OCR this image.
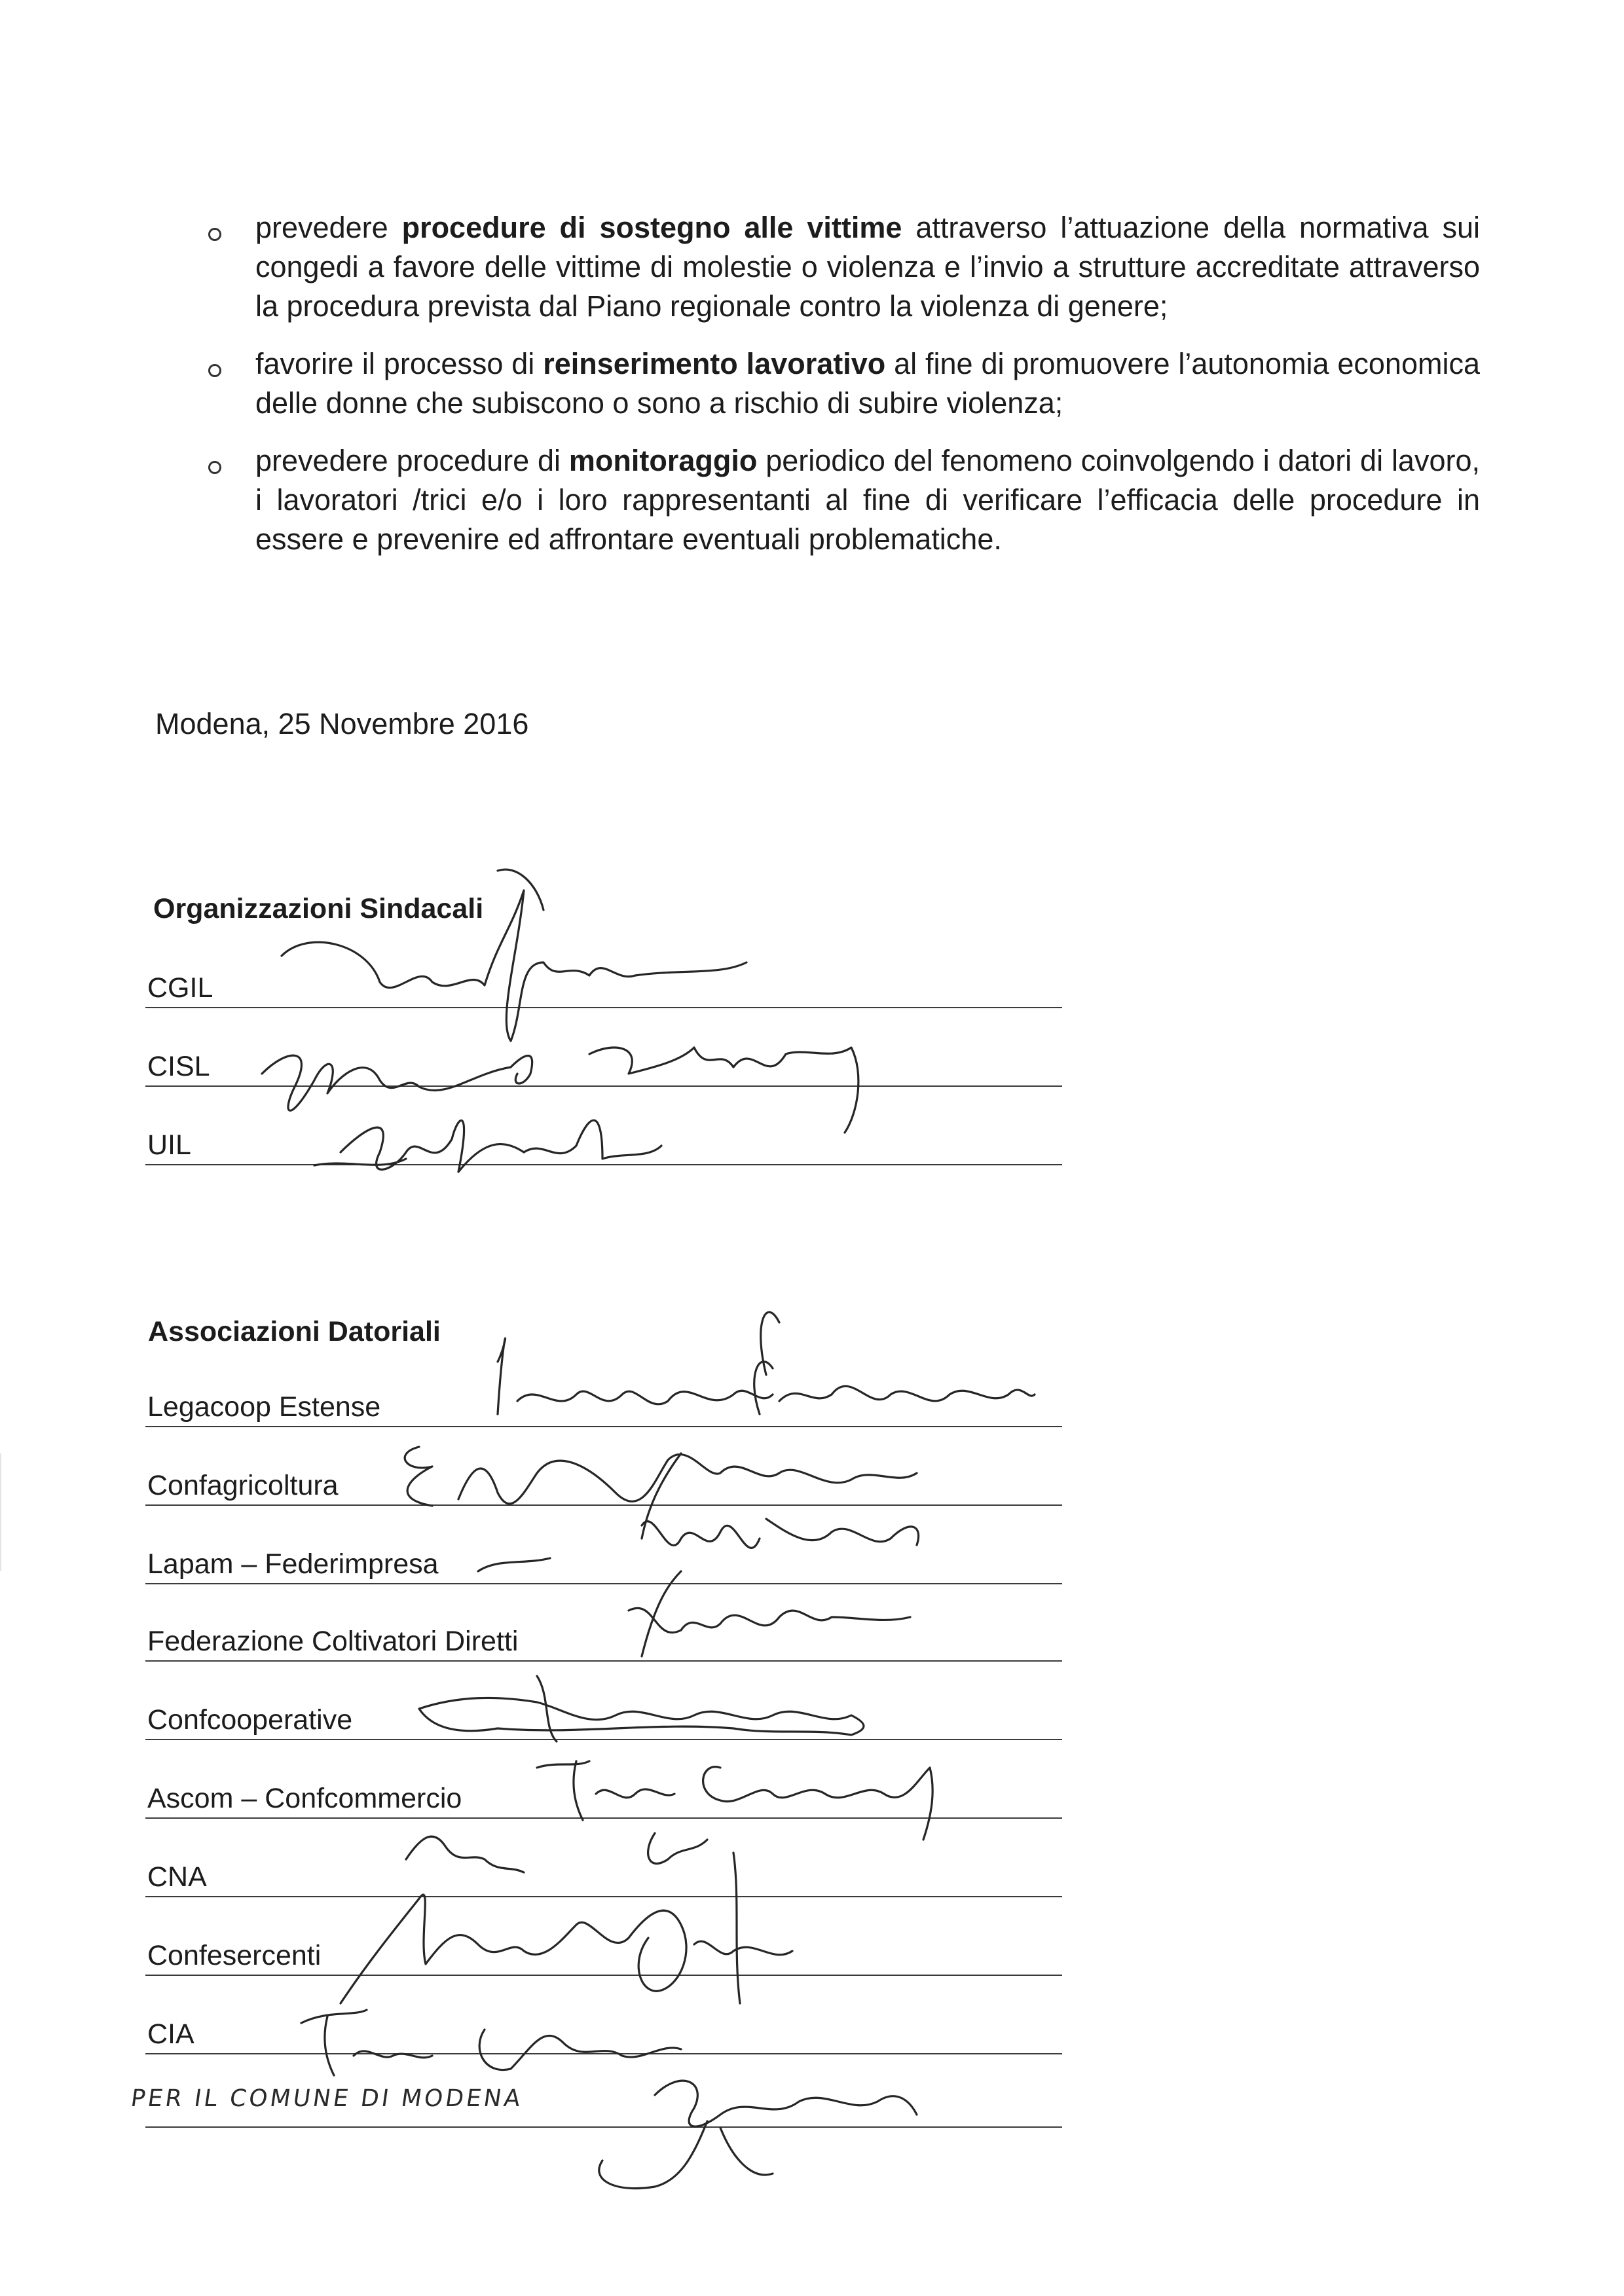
prevedere procedure di sostegno alle vittime attraverso l’attuazione della normativa sui congedi a favore delle vittime di molestie o violenza e l’invio a strutture accreditate attraverso la procedura prevista dal Piano regionale contro la violenza di genere;
favorire il processo di reinserimento lavorativo al fine di promuovere l’autonomia economica delle donne che subiscono o sono a rischio di subire violenza;
prevedere procedure di monitoraggio periodico del fenomeno coinvolgendo i datori di lavoro, i lavoratori /trici e/o i loro rappresentanti al fine di verificare l’efficacia delle procedure in essere e prevenire ed affrontare eventuali problematiche.
Modena, 25 Novembre 2016
Organizzazioni Sindacali
CGIL
CISL
UIL
Associazioni Datoriali
Legacoop Estense
Confagricoltura
Lapam – Federimpresa
Federazione Coltivatori Diretti
Confcooperative
Ascom – Confcommercio
CNA
Confesercenti
CIA
PER IL COMUNE DI MODENA
